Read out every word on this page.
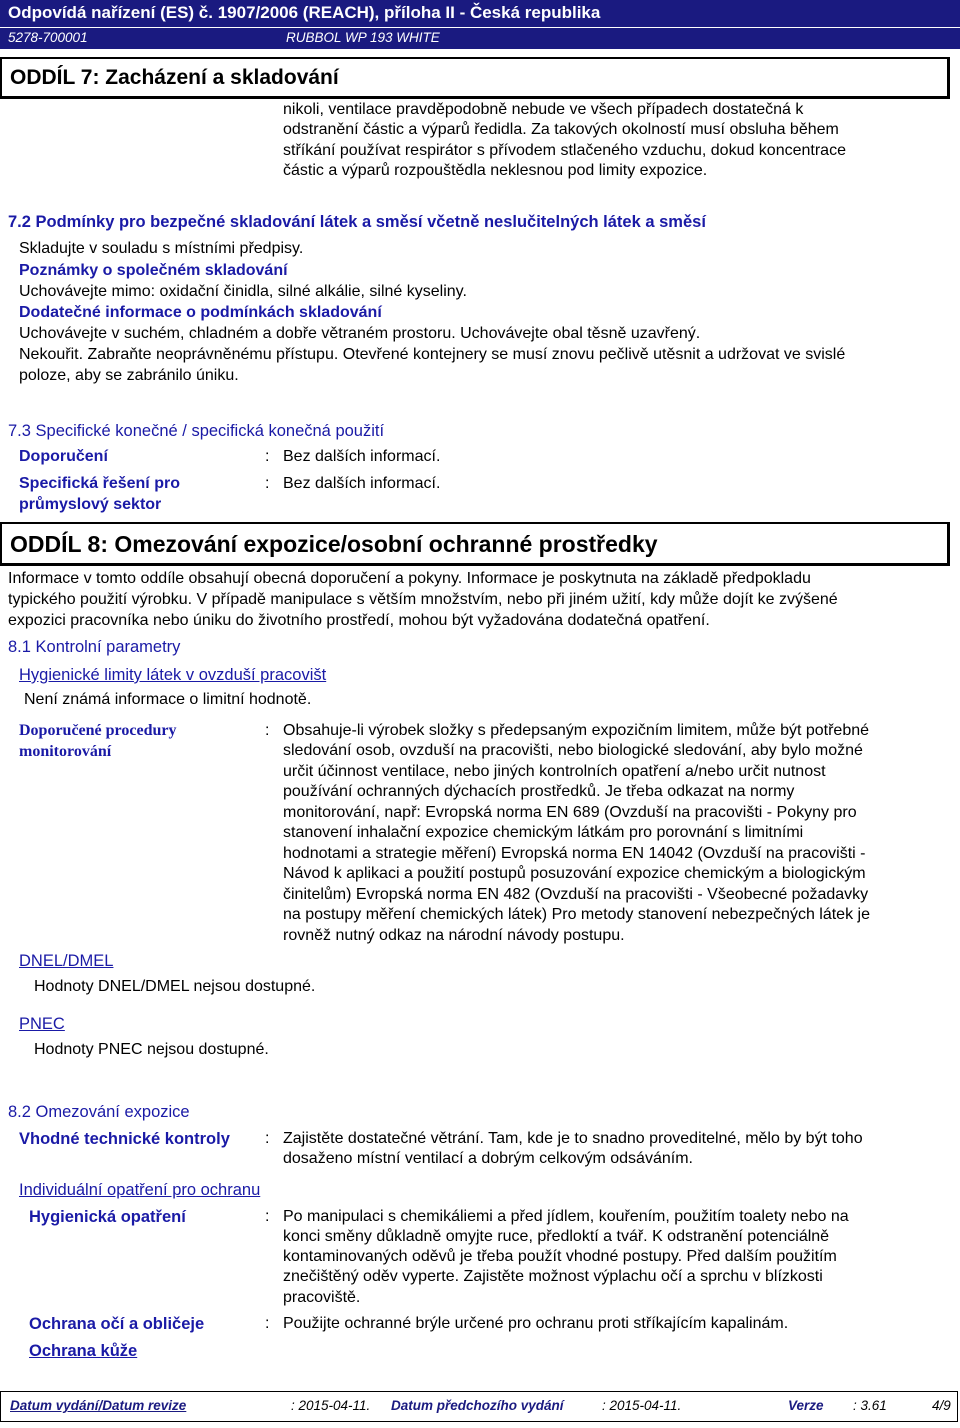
Odpovídá nařízení (ES) č. 1907/2006 (REACH), příloha II - Česká republika
5278-700001	RUBBOL WP 193 WHITE
ODDÍL 7: Zacházení a skladování
nikoli, ventilace pravděpodobně nebude ve všech případech dostatečná k
odstranění částic a výparů ředidla. Za takových okolností musí obsluha během
stříkání používat respirátor s přívodem stlačeného vzduchu, dokud koncentrace
částic a výparů rozpouštědla neklesnou pod limity expozice.
7.2 Podmínky pro bezpečné skladování látek a směsí včetně neslučitelných látek a směsí
Skladujte v souladu s místními předpisy.
Poznámky o společném skladování
Uchovávejte mimo: oxidační činidla, silné alkálie, silné kyseliny.
Dodatečné informace o podmínkách skladování
Uchovávejte v suchém, chladném a dobře větraném prostoru. Uchovávejte obal těsně uzavřený.
Nekouřit. Zabraňte neoprávněnému přístupu. Otevřené kontejnery se musí znovu pečlivě utěsnit a udržovat ve svislé
poloze, aby se zabránilo úniku.
7.3 Specifické konečné / specifická konečná použití
Doporučení	: Bez dalších informací.
Specifická řešení pro
průmyslový sektor
: Bez dalších informací.
ODDÍL 8: Omezování expozice/osobní ochranné prostředky
Informace v tomto oddíle obsahují obecná doporučení a pokyny. Informace je poskytnuta na základě předpokladu
typického použití výrobku. V případě manipulace s větším množstvím, nebo při jiném užití, kdy může dojít ke zvýšené
expozici pracovníka nebo úniku do životního prostředí, mohou být vyžadována dodatečná opatření.
8.1 Kontrolní parametry
Hygienické limity látek v ovzduší pracovišt
Není známá informace o limitní hodnotě.
Doporučené procedury
monitorování
: Obsahuje-li výrobek složky s předepsaným expozičním limitem, může být potřebné
sledování osob, ovzduší na pracovišti, nebo biologické sledování, aby bylo možné
určit účinnost ventilace, nebo jiných kontrolních opatření a/nebo určit nutnost
používání ochranných dýchacích prostředků. Je třeba odkazat na normy
monitorování, např: Evropská norma EN 689 (Ovzduší na pracovišti - Pokyny pro
stanovení inhalační expozice chemickým látkám pro porovnání s limitními
hodnotami a strategie měření) Evropská norma EN 14042 (Ovzduší na pracovišti -
Návod k aplikaci a použití postupů posuzování expozice chemickým a biologickým
činitelům) Evropská norma EN 482 (Ovzduší na pracovišti - Všeobecné požadavky
na postupy měření chemických látek) Pro metody stanovení nebezpečných látek je
rovněž nutný odkaz na národní návody postupu.
DNEL/DMEL
Hodnoty DNEL/DMEL nejsou dostupné.
PNEC
Hodnoty PNEC nejsou dostupné.
8.2 Omezování expozice
Vhodné technické kontroly : Zajistěte dostatečné větrání. Tam, kde je to snadno proveditelné, mělo by být toho
dosaženo místní ventilací a dobrým celkovým odsáváním.
Individuální opatření pro ochranu
Hygienická opatření	: Po manipulaci s chemikáliemi a před jídlem, kouřením, použitím toalety nebo na
konci směny důkladně omyjte ruce, předloktí a tvář. K odstranění potenciálně
kontaminovaných oděvů je třeba použít vhodné postupy. Před dalším použitím
znečištěný oděv vyperte. Zajistěte možnost výplachu očí a sprchu v blízkosti
pracoviště.
Ochrana očí a obličeje	: Použijte ochranné brýle určené pro ochranu proti stříkajícím kapalinám.
Ochrana kůže
Datum vydání/Datum revize	: 2015-04-11. Datum předchozího vydání	: 2015-04-11.	Verze : 3.61	4/9
